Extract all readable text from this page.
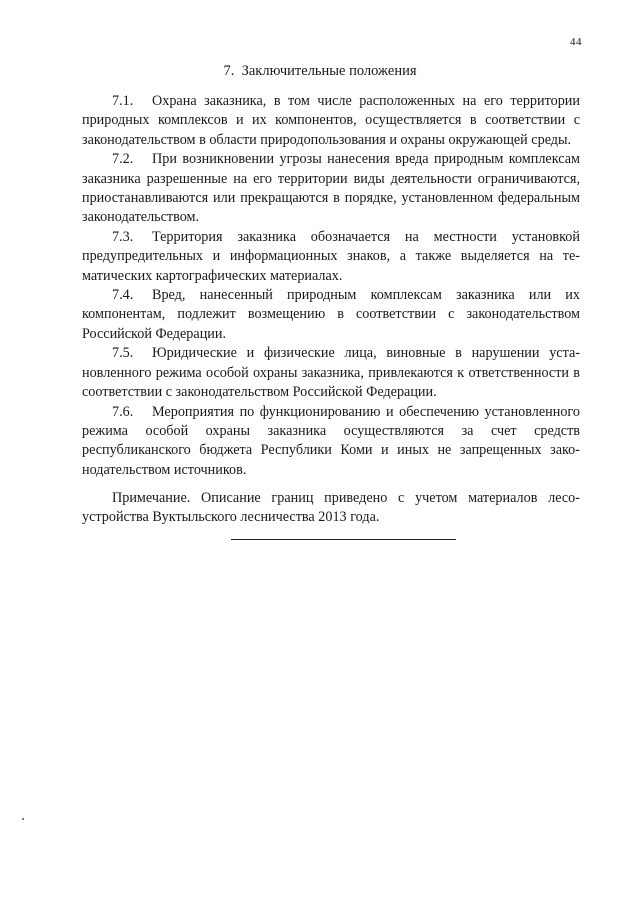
44
7.  Заключительные положения

7.1. Охрана заказника, в том числе расположенных на его территории природных комплексов и их компонентов, осуществляется в соответствии с законодательством в области природопользования и охраны окружающей среды.

7.2. При возникновении угрозы нанесения вреда природным комплексам заказника разрешенные на его территории виды деятельности ограничиваются, приостанавливаются или прекращаются в порядке, установленном федеральным законодательством.

7.3. Территория заказника обозначается на местности установкой предупредительных и информационных знаков, а также выделяется на тематических картографических материалах.

7.4. Вред, нанесенный природным комплексам заказника или их компонентам, подлежит возмещению в соответствии с законодательством Российской Федерации.

7.5. Юридические и физические лица, виновные в нарушении установленного режима особой охраны заказника, привлекаются к ответственности в соответствии с законодательством Российской Федерации.

7.6. Мероприятия по функционированию и обеспечению установленного режима особой охраны заказника осуществляются за счет средств республиканского бюджета Республики Коми и иных не запрещенных законодательством источников.

Примечание. Описание границ приведено с учетом материалов лесоустройства Вуктыльского лесничества 2013 года.
